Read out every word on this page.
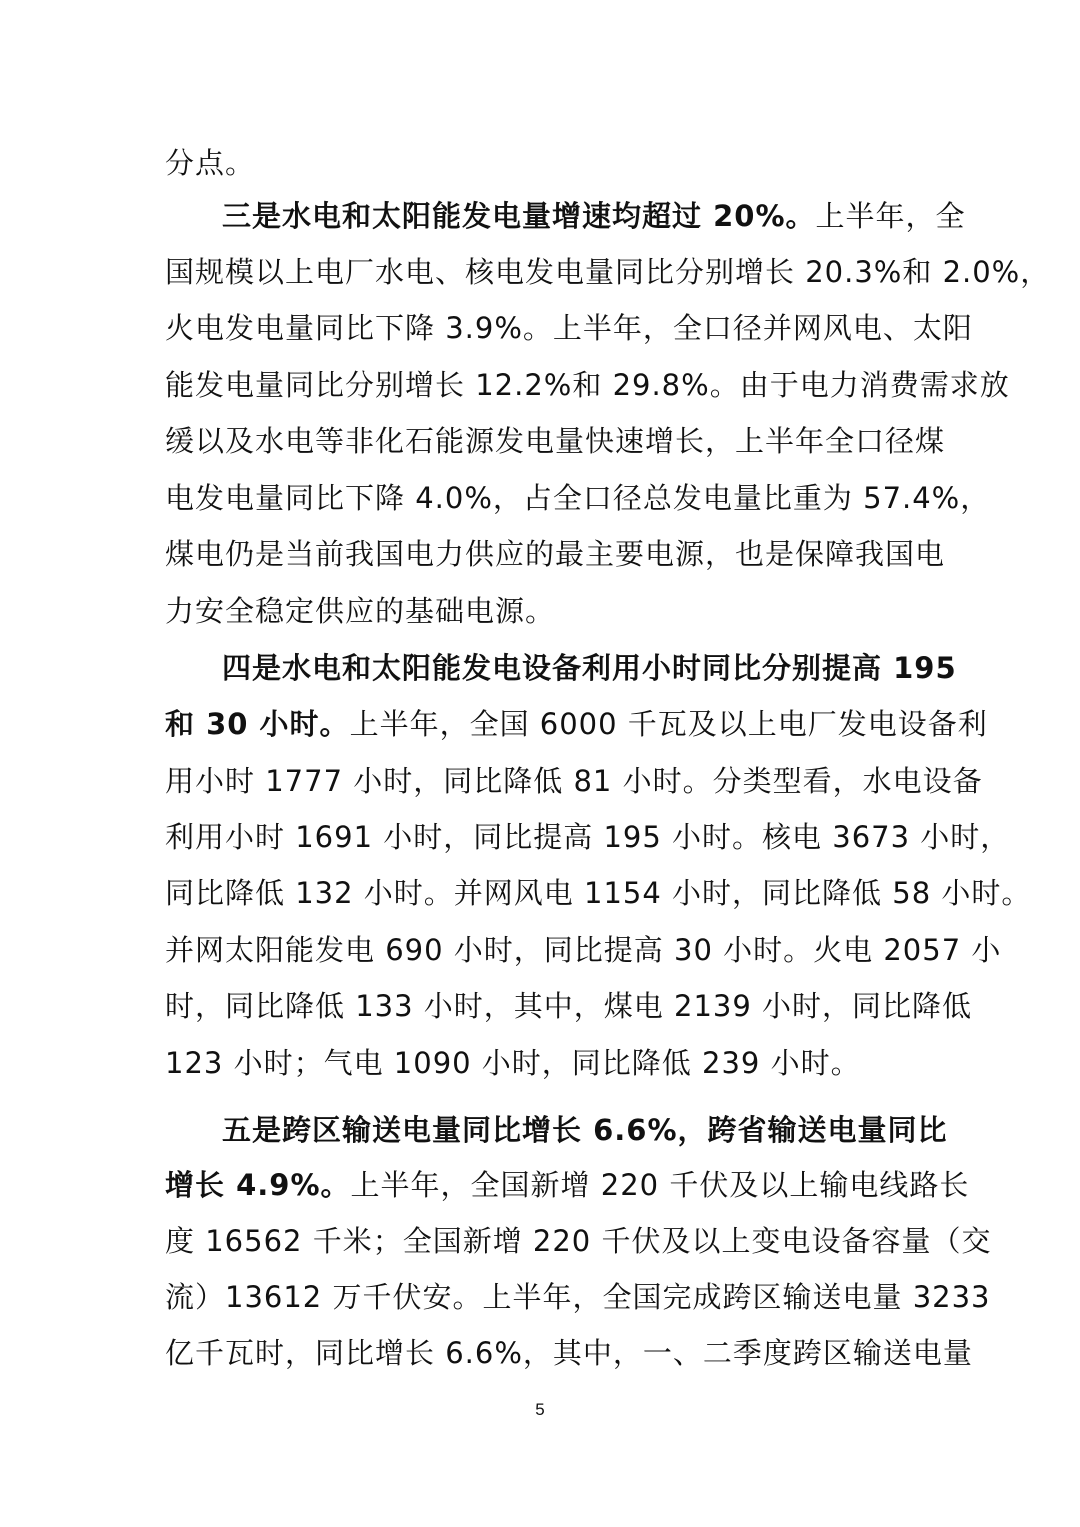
分点。
三是水电和太阳能发电量增速均超过 20%。上半年，全
国规模以上电厂水电、核电发电量同比分别增长 20.3%和 2.0%，
火电发电量同比下降 3.9%。上半年，全口径并网风电、太阳
能发电量同比分别增长 12.2%和 29.8%。由于电力消费需求放
缓以及水电等非化石能源发电量快速增长，上半年全口径煤
电发电量同比下降 4.0%，占全口径总发电量比重为 57.4%，
煤电仍是当前我国电力供应的最主要电源，也是保障我国电
力安全稳定供应的基础电源。
四是水电和太阳能发电设备利用小时同比分别提高 195
和 30 小时。上半年，全国 6000 千瓦及以上电厂发电设备利
用小时 1777 小时，同比降低 81 小时。分类型看，水电设备
利用小时 1691 小时，同比提高 195 小时。核电 3673 小时，
同比降低 132 小时。并网风电 1154 小时，同比降低 58 小时。
并网太阳能发电 690 小时，同比提高 30 小时。火电 2057 小
时，同比降低 133 小时，其中，煤电 2139 小时，同比降低
123 小时；气电 1090 小时，同比降低 239 小时。
五是跨区输送电量同比增长 6.6%，跨省输送电量同比
增长 4.9%。上半年，全国新增 220 千伏及以上输电线路长
度 16562 千米；全国新增 220 千伏及以上变电设备容量（交
流）13612 万千伏安。上半年，全国完成跨区输送电量 3233
亿千瓦时，同比增长 6.6%，其中，一、二季度跨区输送电量
5
